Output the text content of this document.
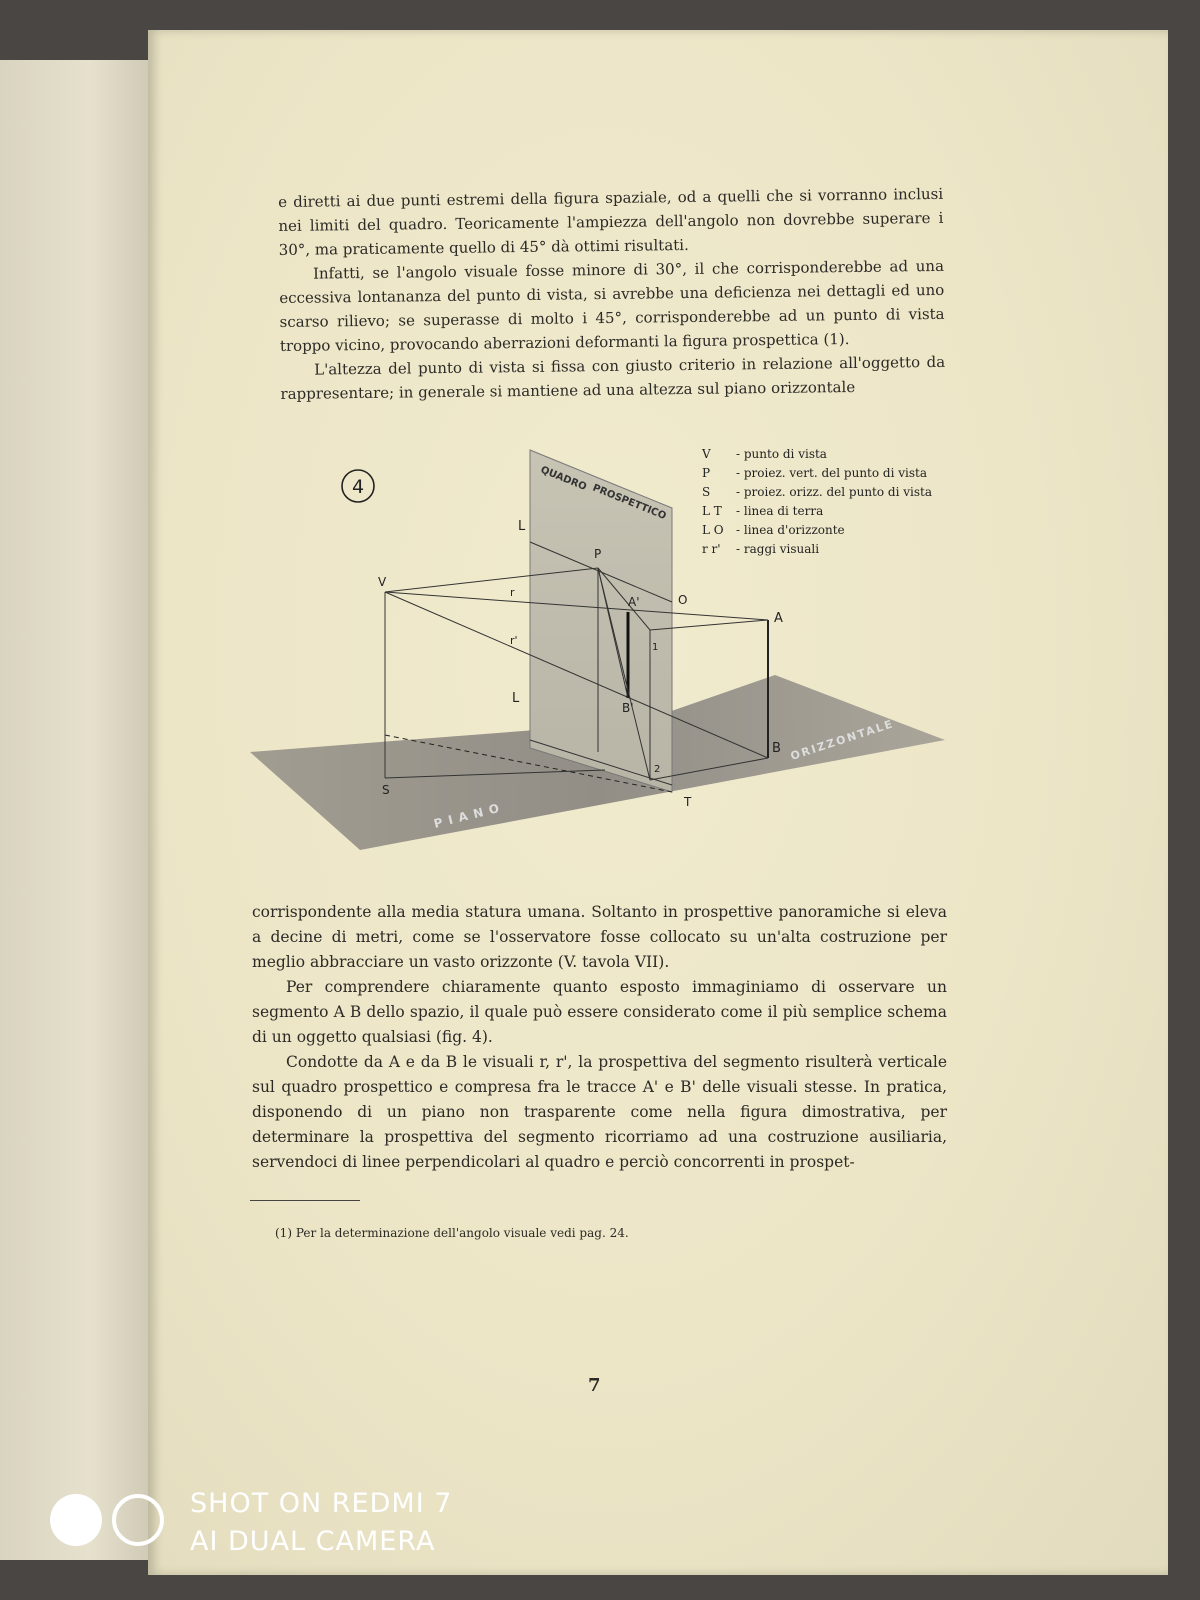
e diretti ai due punti estremi della figura spaziale, od a quelli che si vorranno inclusi nei limiti del quadro. Teoricamente l'ampiezza dell'angolo non dovrebbe superare i 30°, ma praticamente quello di 45° dà ottimi risultati.

Infatti, se l'angolo visuale fosse minore di 30°, il che corrisponderebbe ad una eccessiva lontananza del punto di vista, si avrebbe una deficienza nei dettagli ed uno scarso rilievo; se superasse di molto i 45°, corrisponderebbe ad un punto di vista troppo vicino, provocando aberrazioni deformanti la figura prospettica (1).

L'altezza del punto di vista si fissa con giusto criterio in relazione all'oggetto da rappresentare; in generale si mantiene ad una altezza sul piano orizzontale

4	QUADRO
PROSPETTICO
PIANO
ORIZZONTALE
V
P
L
L
O
A
B
A'
B'
r
r'
1
2
T
S
V - punto di vista
P - proiez. vert. del punto di vista
S - proiez. orizz. del punto di vista
L T - linea di terra
L O - linea d'orizzonte
r r' - raggi visuali

corrispondente alla media statura umana. Soltanto in prospettive panoramiche si eleva a decine di metri, come se l'osservatore fosse collocato su un'alta costruzione per meglio abbracciare un vasto orizzonte (V. tavola VII).

Per comprendere chiaramente quanto esposto immaginiamo di osservare un segmento A B dello spazio, il quale può essere considerato come il più semplice schema di un oggetto qualsiasi (fig. 4).

Condotte da A e da B le visuali r, r', la prospettiva del segmento risulterà verticale sul quadro prospettico e compresa fra le tracce A' e B' delle visuali stesse. In pratica, disponendo di un piano non trasparente come nella figura dimostrativa, per determinare la prospettiva del segmento ricorriamo ad una costruzione ausiliaria, servendoci di linee perpendicolari al quadro e perciò concorrenti in prospet-

(1) Per la determinazione dell'angolo visuale vedi pag. 24.
7
SHOT ON REDMI 7
AI DUAL CAMERA
